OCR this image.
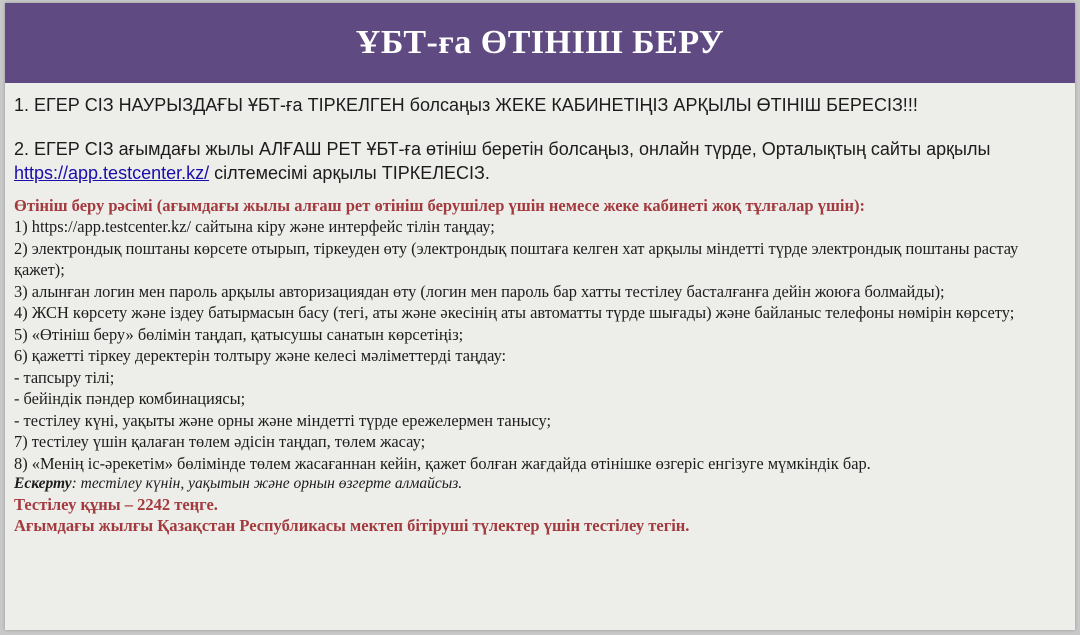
ҰБТ-ға ӨТІНІШ БЕРУ

1. ЕГЕР СІЗ НАУРЫЗДАҒЫ ҰБТ-ға ТІРКЕЛГЕН болсаңыз ЖЕКЕ КАБИНЕТІҢІЗ АРҚЫЛЫ ӨТІНІШ БЕРЕСІЗ!!!

2. ЕГЕР СІЗ ағымдағы жылы АЛҒАШ РЕТ ҰБТ-ға өтініш беретін болсаңыз, онлайн түрде, Орталықтың сайты арқылы https://app.testcenter.kz/ сілтемесімі арқылы ТІРКЕЛЕСІЗ.

Өтініш беру рәсімі (ағымдағы жылы алғаш рет өтініш берушілер үшін немесе жеке кабинеті жоқ тұлғалар үшін):

1) https://app.testcenter.kz/ сайтына кіру және интерфейс тілін таңдау;
2) электрондық поштаны көрсете отырып, тіркеуден өту (электрондық поштаға келген хат арқылы міндетті түрде электрондық поштаны растау қажет);
3) алынған логин мен пароль арқылы авторизациядан өту (логин мен пароль бар хатты тестілеу басталғанға дейін жоюға болмайды);
4) ЖСН көрсету және іздеу батырмасын басу (тегі, аты және әкесінің аты автоматты түрде шығады) және байланыс телефоны нөмірін көрсету;
5) «Өтініш беру» бөлімін таңдап, қатысушы санатын көрсетіңіз;
6) қажетті тіркеу деректерін толтыру және келесі мәліметтерді таңдау:
- тапсыру тілі;
- бейіндік пәндер комбинациясы;
- тестілеу күні, уақыты және орны және міндетті түрде ережелермен танысу;
7) тестілеу үшін қалаған төлем әдісін таңдап, төлем жасау;
8) «Менің іс-әрекетім» бөлімінде төлем жасағаннан кейін, қажет болған жағдайда өтінішке өзгеріс енгізуге мүмкіндік бар.

Ескерту: тестілеу күнін, уақытын және орнын өзгерте алмайсыз.

Тестілеу құны – 2242 теңге.

Ағымдағы жылғы Қазақстан Республикасы мектеп бітіруші түлектер үшін тестілеу тегін.
